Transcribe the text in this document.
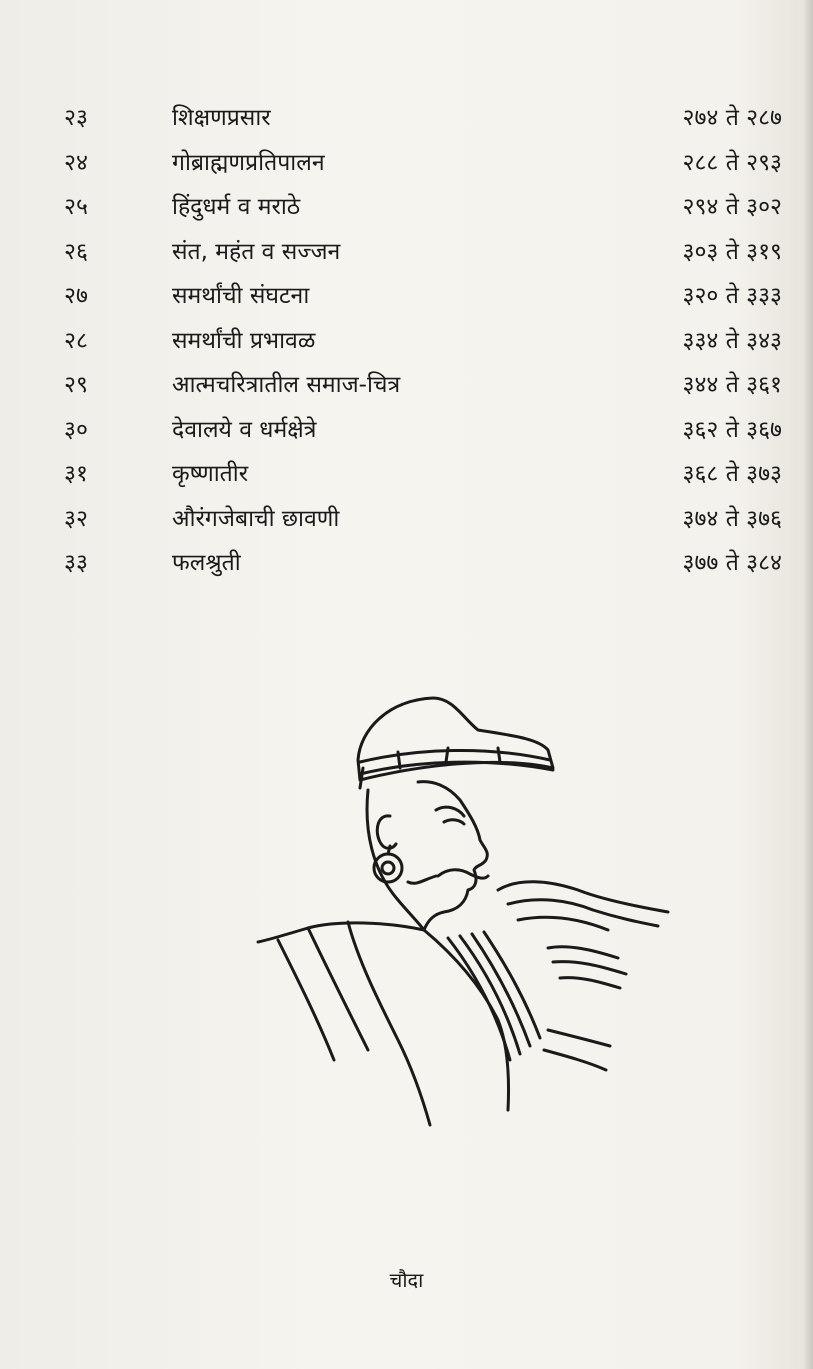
२३	शिक्षणप्रसार	२७४ ते २८७
२४	गोब्राह्मणप्रतिपालन	२८८ ते २९३
२५	हिंदुधर्म व मराठे	२९४ ते ३०२
२६	संत, महंत व सज्जन	३०३ ते ३१९
२७	समर्थांची संघटना	३२० ते ३३३
२८	समर्थांची प्रभावळ	३३४ ते ३४३
२९	आत्मचरित्रातील समाज-चित्र	३४४ ते ३६१
३०	देवालये व धर्मक्षेत्रे	३६२ ते ३६७
३१	कृष्णातीर	३६८ ते ३७३
३२	औरंगजेबाची छावणी	३७४ ते ३७६
३३	फलश्रुती	३७७ ते ३८४
चौदा
